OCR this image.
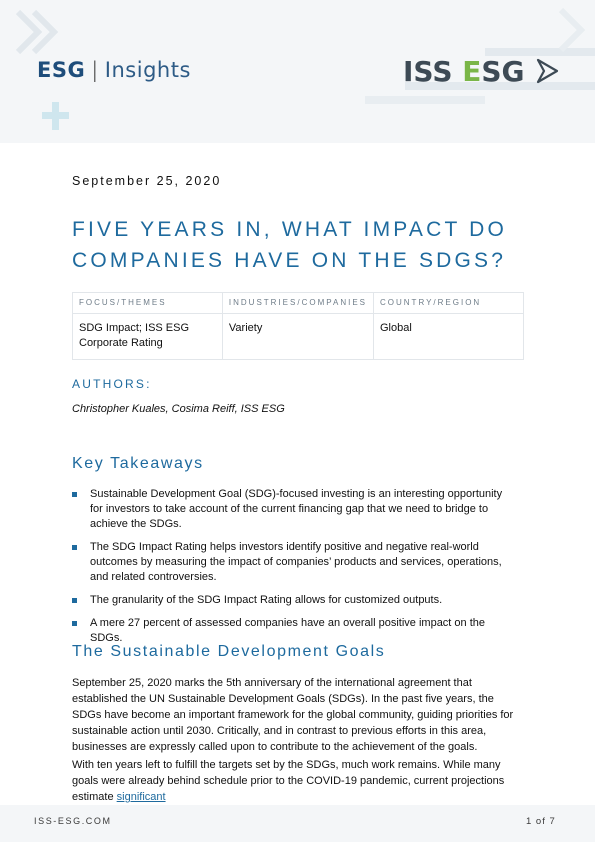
ESG | Insights	ISS ESG
September 25, 2020
FIVE YEARS IN, WHAT IMPACT DO
COMPANIES HAVE ON THE SDGS?
FOCUS/THEMES	INDUSTRIES/COMPANIES	COUNTRY/REGION
SDG Impact; ISS ESG Corporate Rating	Variety	Global
AUTHORS:
Christopher Kuales, Cosima Reiff, ISS ESG
Key Takeaways
Sustainable Development Goal (SDG)-focused investing is an interesting opportunity for investors to take account of the current financing gap that we need to bridge to achieve the SDGs.
The SDG Impact Rating helps investors identify positive and negative real-world outcomes by measuring the impact of companies’ products and services, operations, and related controversies.
The granularity of the SDG Impact Rating allows for customized outputs.
A mere 27 percent of assessed companies have an overall positive impact on the SDGs.
The Sustainable Development Goals
September 25, 2020 marks the 5th anniversary of the international agreement that established the UN Sustainable Development Goals (SDGs). In the past five years, the SDGs have become an important framework for the global community, guiding priorities for sustainable action until 2030. Critically, and in contrast to previous efforts in this area, businesses are expressly called upon to contribute to the achievement of the goals.
With ten years left to fulfill the targets set by the SDGs, much work remains. While many goals were already behind schedule prior to the COVID-19 pandemic, current projections estimate significant
ISS-ESG.COM	1 of 7
